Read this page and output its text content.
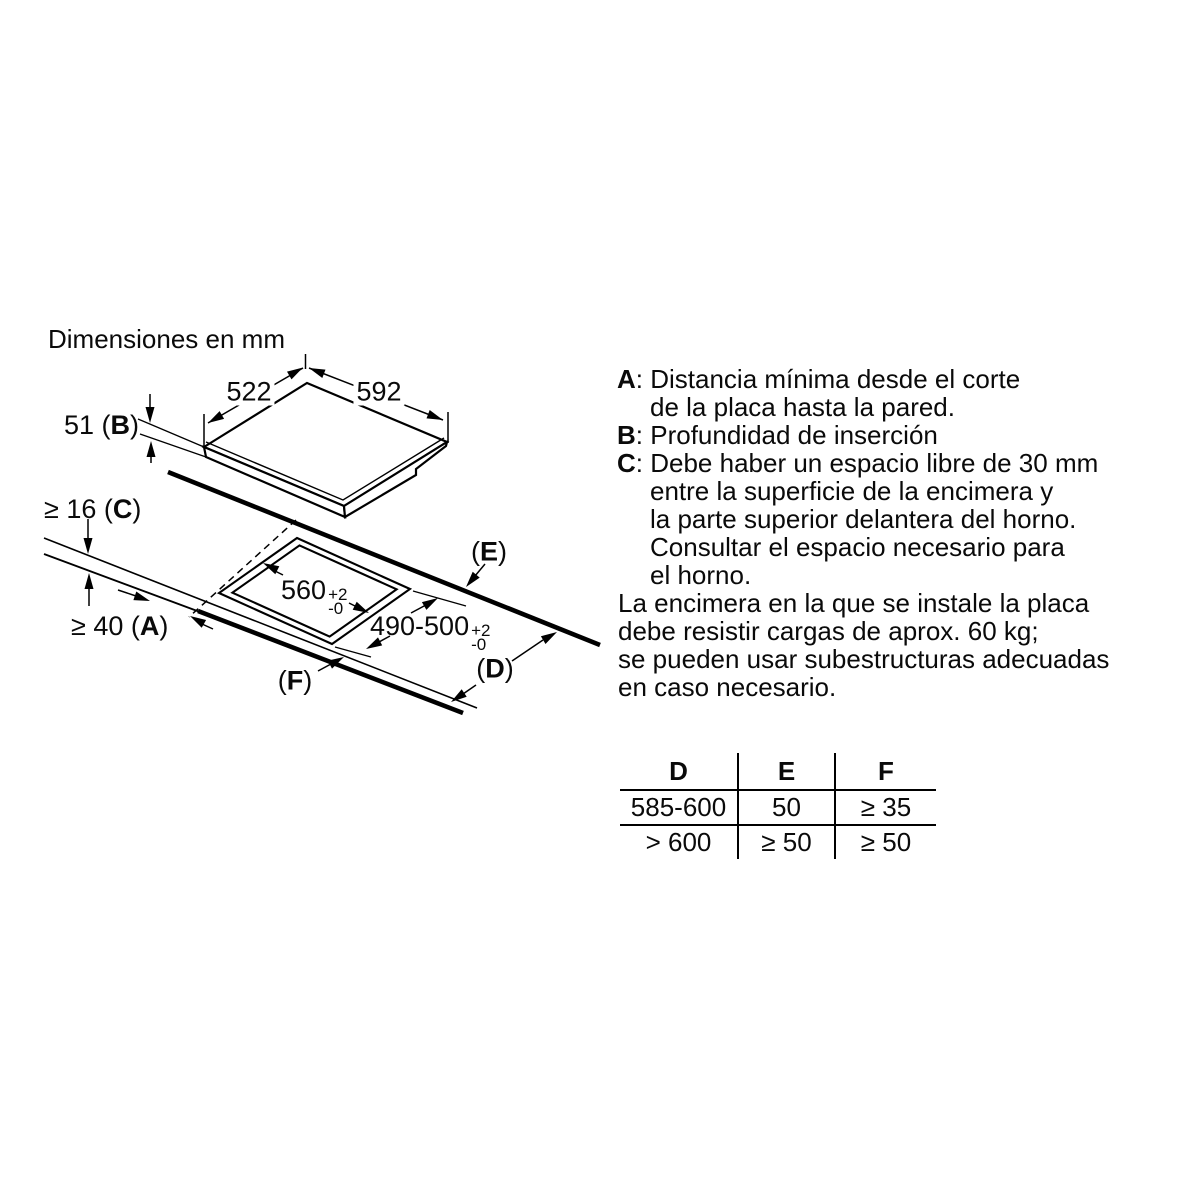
Dimensiones en mm
522	592
51 (B)
≥ 16 (C)
≥ 40 (A)
(E)
(D)
(F)
560 +2
-0
490-500 +2
-0
A: Distancia mínima desde el corte
de la placa hasta la pared.
B: Profundidad de inserción
C: Debe haber un espacio libre de 30 mm
entre la superficie de la encimera y
la parte superior delantera del horno.
Consultar el espacio necesario para
el horno.
La encimera en la que se instale la placa
debe resistir cargas de aprox. 60 kg;
se pueden usar subestructuras adecuadas
en caso necesario.
D	E	F
585-600	50	≥ 35
> 600	≥ 50	≥ 50
